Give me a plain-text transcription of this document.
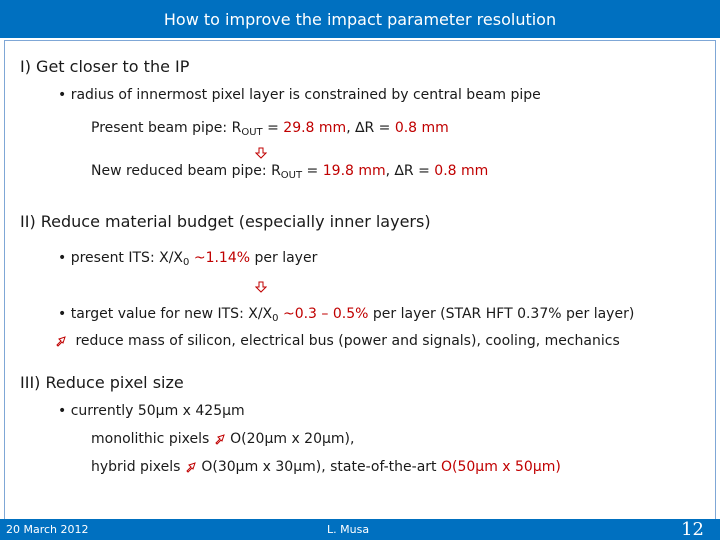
How to improve the impact parameter resolution
I) Get closer to the IP
• radius of innermost pixel layer is constrained by central beam pipe
Present beam pipe: $R_{OUT} = 29.8$ mm, ∆R = 0.8 mm
New reduced beam pipe: $R_{OUT} = 19.8$ mm, ∆R = 0.8 mm
II) Reduce material budget (especially inner layers)
• present ITS: $X/X_0$ ~1.14% per layer
• target value for new ITS: $X/X_0$ ~0.3 – 0.5% per layer (STAR HFT 0.37% per layer)
reduce mass of silicon, electrical bus (power and signals), cooling, mechanics
III) Reduce pixel size
• currently 50µm x 425µm
monolithic pixels O(20µm x 20µm),
hybrid pixels O(30µm x 30µm), state-of-the-art O(50µm x 50µm)
20 March 2012	L. Musa	12
